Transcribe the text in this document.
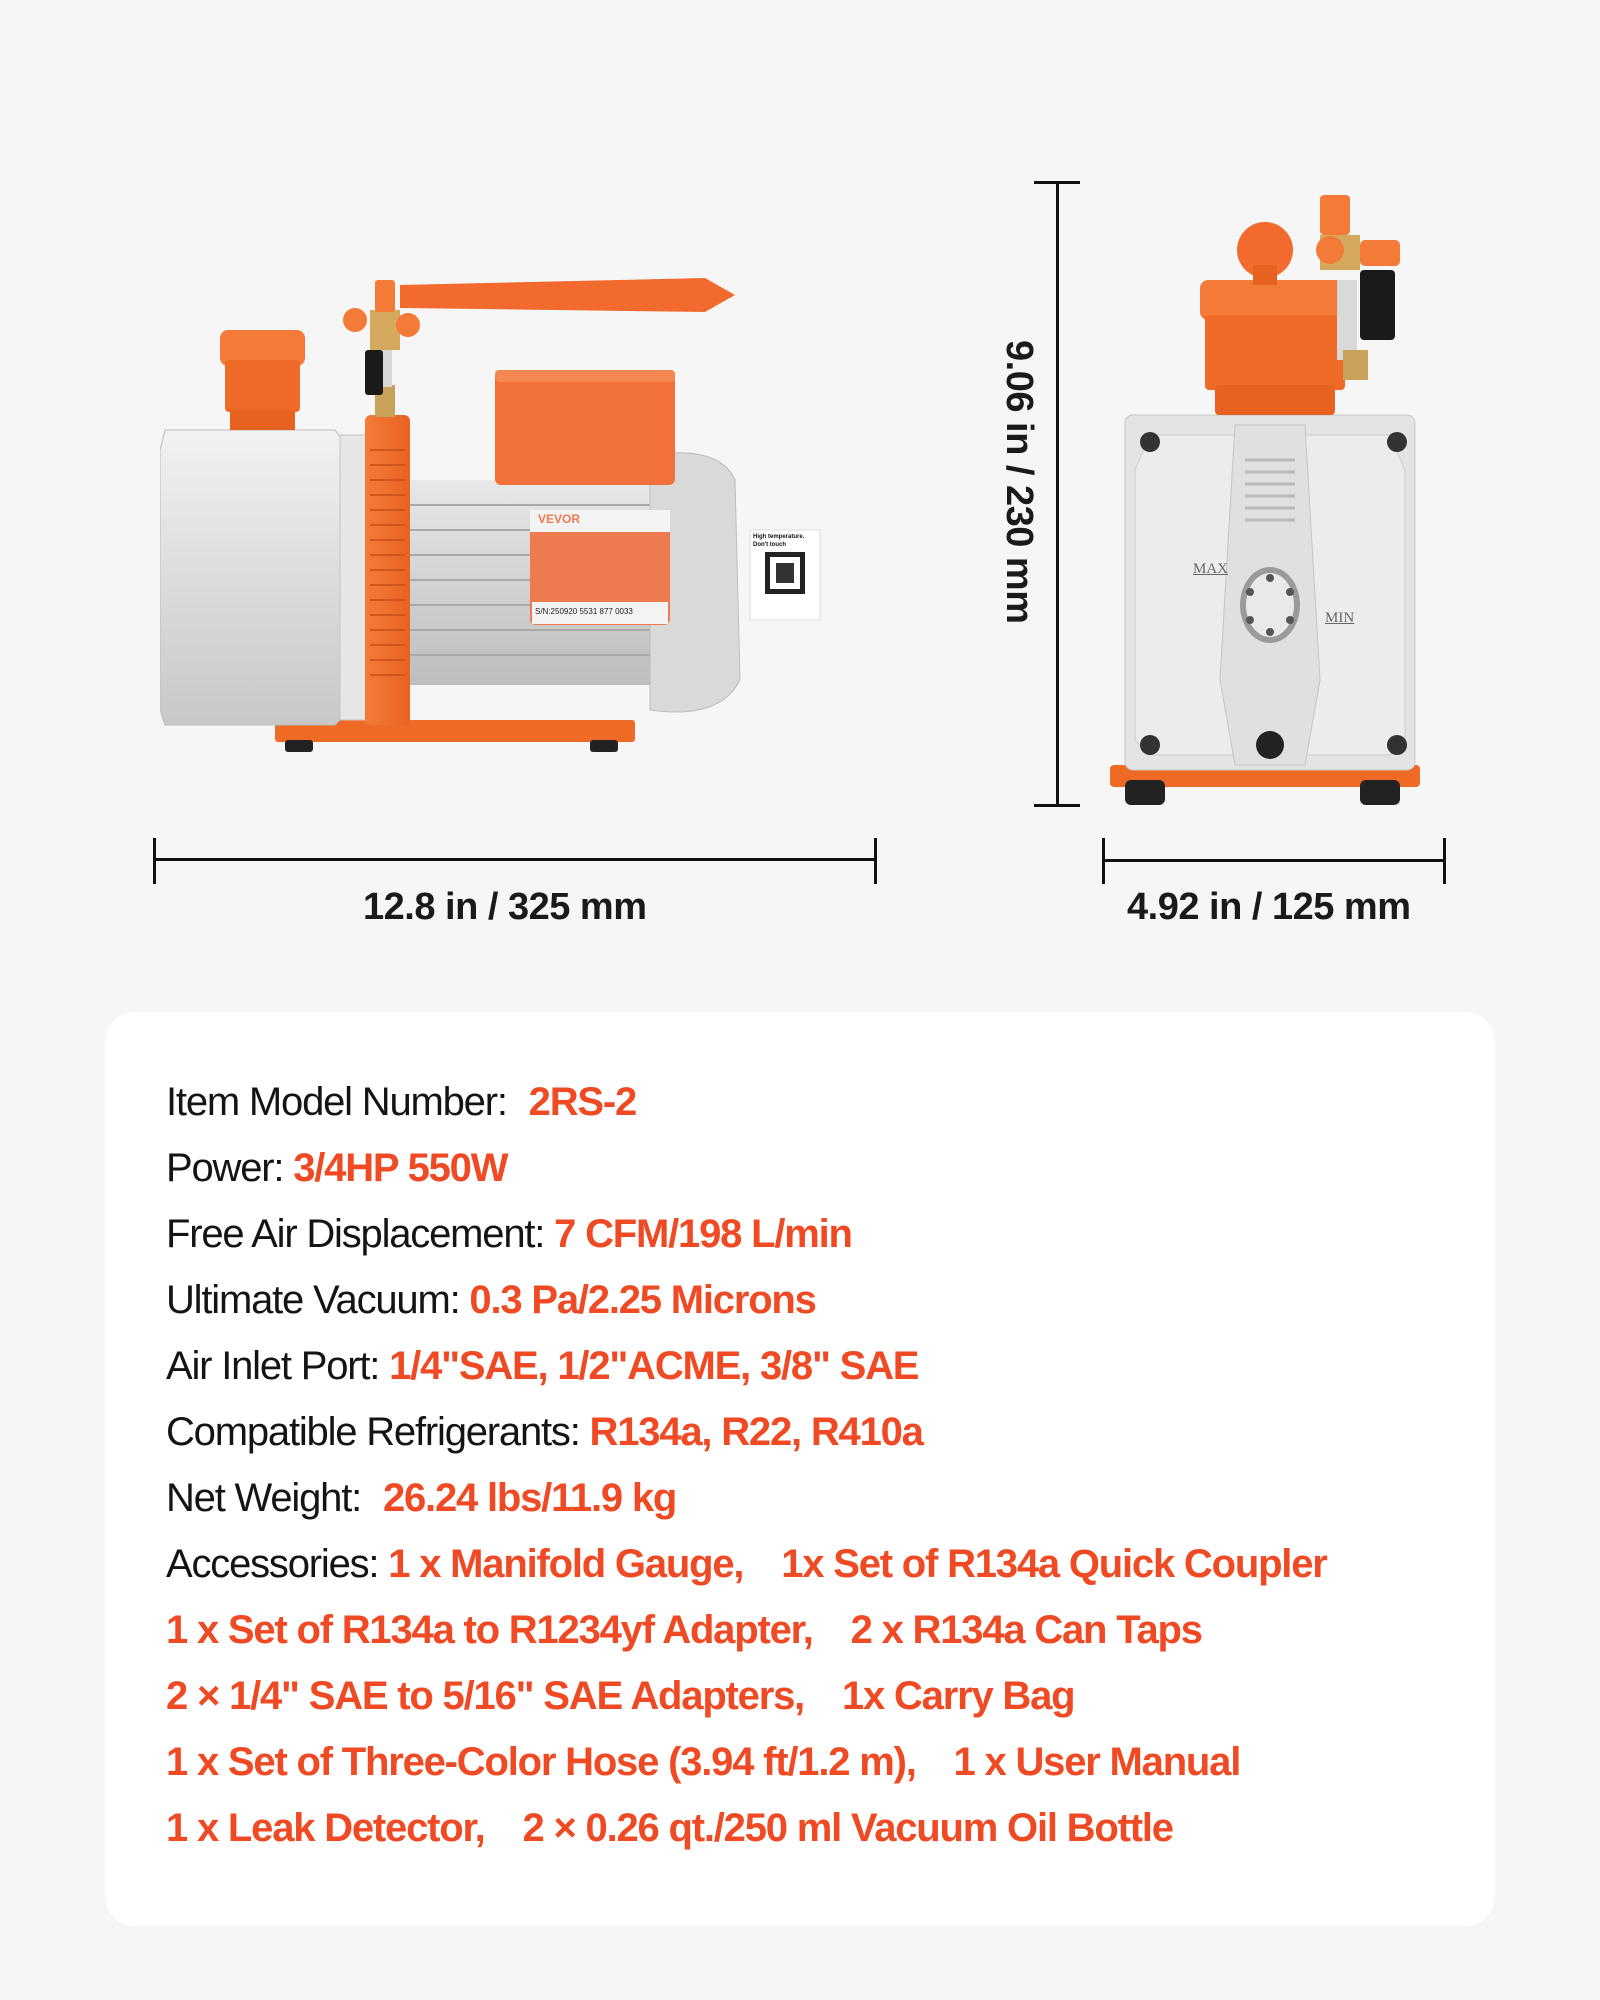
VEVOR
S/N:250920 5531 877 0033
High temperature. Don't touch
12.8 in / 325 mm
9.06 in / 230 mm	MAX
MIN
4.92 in / 125 mm
Item Model Number: 2RS-2
Power: 3/4HP 550W
Free Air Displacement: 7 CFM/198 L/min
Ultimate Vacuum: 0.3 Pa/2.25 Microns
Air Inlet Port: 1/4"SAE, 1/2"ACME, 3/8" SAE
Compatible Refrigerants: R134a, R22, R410a
Net Weight: 26.24 lbs/11.9 kg
Accessories: 1 x Manifold Gauge, 1x Set of R134a Quick Coupler
1 x Set of R134a to R1234yf Adapter, 2 x R134a Can Taps
2 × 1/4" SAE to 5/16" SAE Adapters, 1x Carry Bag
1 x Set of Three-Color Hose (3.94 ft/1.2 m), 1 x User Manual
1 x Leak Detector, 2 × 0.26 qt./250 ml Vacuum Oil Bottle
